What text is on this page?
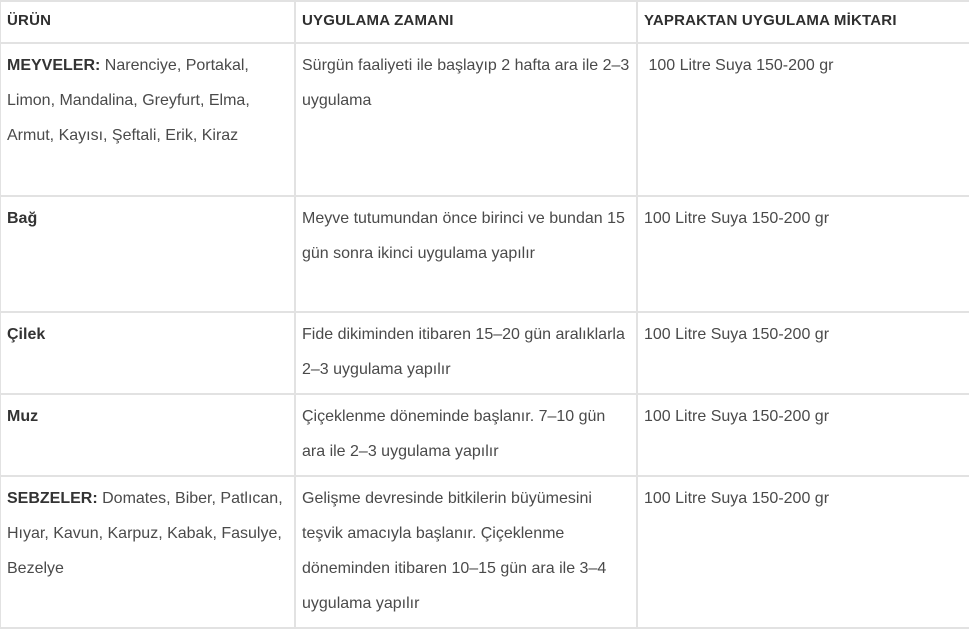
ÜRÜN	UYGULAMA ZAMANI	YAPRAKTAN UYGULAMA MİKTARI
MEYVELER: Narenciye, Portakal, Limon, Mandalina, Greyfurt, Elma, Armut, Kayısı, Şeftali, Erik, Kiraz	Sürgün faaliyeti ile başlayıp 2 hafta ara ile 2–3 uygulama	100 Litre Suya 150-200 gr
Bağ	Meyve tutumundan önce birinci ve bundan 15 gün sonra ikinci uygulama yapılır	100 Litre Suya 150-200 gr
Çilek	Fide dikiminden itibaren 15–20 gün aralıklarla 2–3 uygulama yapılır	100 Litre Suya 150-200 gr
Muz	Çiçeklenme döneminde başlanır. 7–10 gün ara ile 2–3 uygulama yapılır	100 Litre Suya 150-200 gr
SEBZELER: Domates, Biber, Patlıcan, Hıyar, Kavun, Karpuz, Kabak, Fasulye, Bezelye	Gelişme devresinde bitkilerin büyümesini teşvik amacıyla başlanır. Çiçeklenme döneminden itibaren 10–15 gün ara ile 3–4 uygulama yapılır	100 Litre Suya 150-200 gr
